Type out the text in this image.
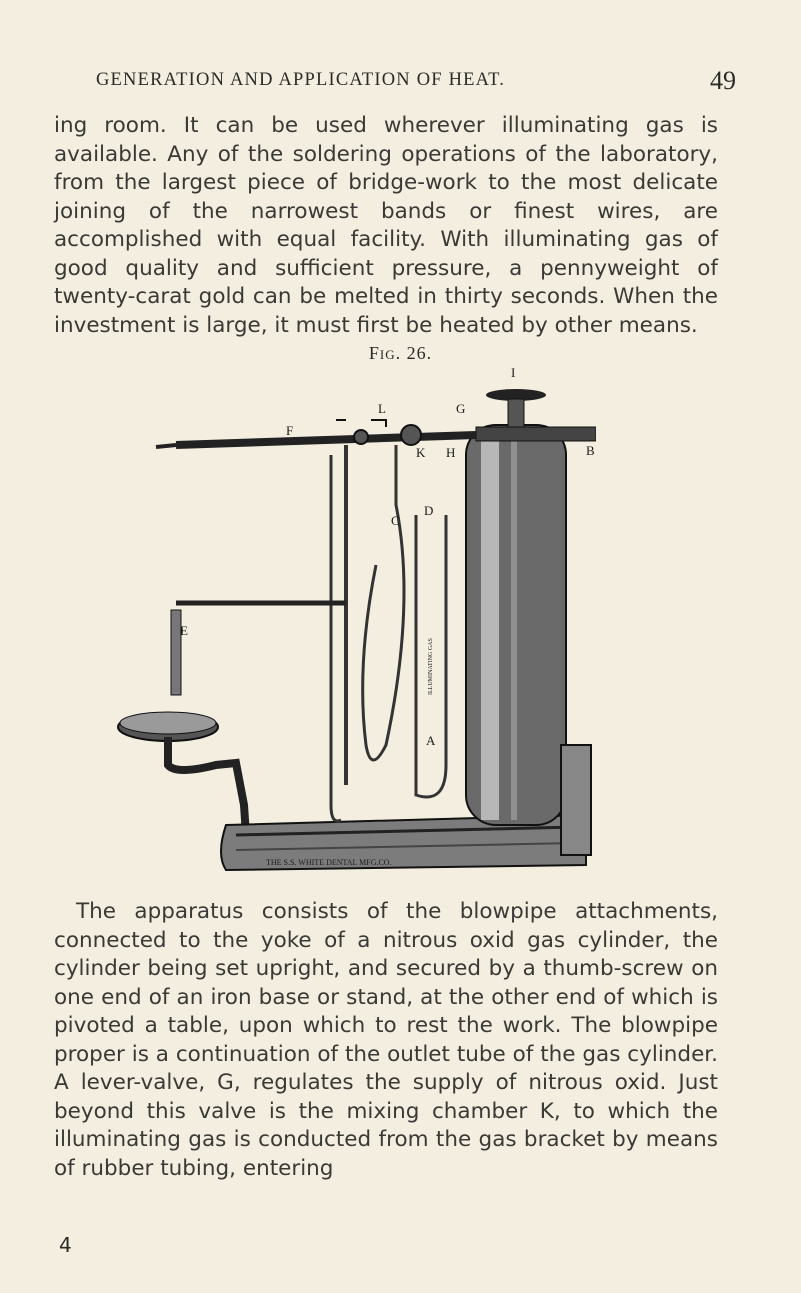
GENERATION AND APPLICATION OF HEAT.	49

ing room. It can be used wherever illuminating gas is available. Any of the soldering operations of the laboratory, from the largest piece of bridge-work to the most delicate joining of the narrowest bands or finest wires, are accomplished with equal facility. With illuminating gas of good quality and sufficient pressure, a pennyweight of twenty-carat gold can be melted in thirty seconds. When the investment is large, it must first be heated by other means.

Fig. 26.
I
L	G
F
K H	B
C
D
E
A
ILLUMINATING GAS
THE S.S. WHITE DENTAL MFG.CO.

The apparatus consists of the blowpipe attachments, connected to the yoke of a nitrous oxid gas cylinder, the cylinder being set upright, and secured by a thumb-screw on one end of an iron base or stand, at the other end of which is pivoted a table, upon which to rest the work. The blowpipe proper is a continuation of the outlet tube of the gas cylinder. A lever-valve, G, regulates the supply of nitrous oxid. Just beyond this valve is the mixing chamber K, to which the illuminating gas is conducted from the gas bracket by means of rubber tubing, entering

4
